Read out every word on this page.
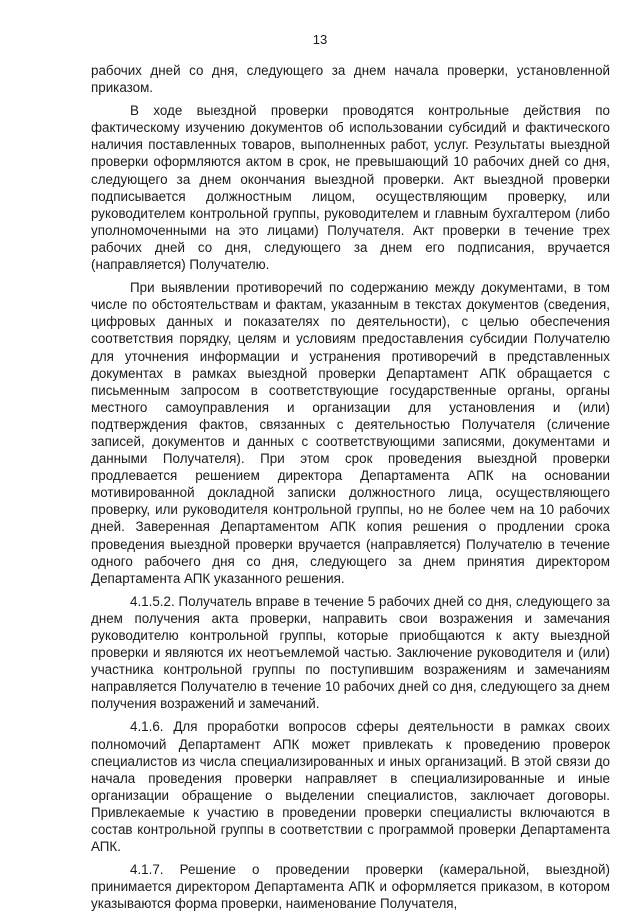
13

рабочих дней со дня, следующего за днем начала проверки, установленной приказом.

В ходе выездной проверки проводятся контрольные действия по фактическому изучению документов об использовании субсидий и фактического наличия поставленных товаров, выполненных работ, услуг. Результаты выездной проверки оформляются актом в срок, не превышающий 10 рабочих дней со дня, следующего за днем окончания выездной проверки. Акт выездной проверки подписывается должностным лицом, осуществляющим проверку, или руководителем контрольной группы, руководителем и главным бухгалтером (либо уполномоченными на это лицами) Получателя. Акт проверки в течение трех рабочих дней со дня, следующего за днем его подписания, вручается (направляется) Получателю.

При выявлении противоречий по содержанию между документами, в том числе по обстоятельствам и фактам, указанным в текстах документов (сведения, цифровых данных и показателях по деятельности), с целью обеспечения соответствия порядку, целям и условиям предоставления субсидии Получателю для уточнения информации и устранения противоречий в представленных документах в рамках выездной проверки Департамент АПК обращается с письменным запросом в соответствующие государственные органы, органы местного самоуправления и организации для установления и (или) подтверждения фактов, связанных с деятельностью Получателя (сличение записей, документов и данных с соответствующими записями, документами и данными Получателя). При этом срок проведения выездной проверки продлевается решением директора Департамента АПК на основании мотивированной докладной записки должностного лица, осуществляющего проверку, или руководителя контрольной группы, но не более чем на 10 рабочих дней. Заверенная Департаментом АПК копия решения о продлении срока проведения выездной проверки вручается (направляется) Получателю в течение одного рабочего дня со дня, следующего за днем принятия директором Департамента АПК указанного решения.

4.1.5.2. Получатель вправе в течение 5 рабочих дней со дня, следующего за днем получения акта проверки, направить свои возражения и замечания руководителю контрольной группы, которые приобщаются к акту выездной проверки и являются их неотъемлемой частью. Заключение руководителя и (или) участника контрольной группы по поступившим возражениям и замечаниям направляется Получателю в течение 10 рабочих дней со дня, следующего за днем получения возражений и замечаний.

4.1.6. Для проработки вопросов сферы деятельности в рамках своих полномочий Департамент АПК может привлекать к проведению проверок специалистов из числа специализированных и иных организаций. В этой связи до начала проведения проверки направляет в специализированные и иные организации обращение о выделении специалистов, заключает договоры. Привлекаемые к участию в проведении проверки специалисты включаются в состав контрольной группы в соответствии с программой проверки Департамента АПК.

4.1.7. Решение о проведении проверки (камеральной, выездной) принимается директором Департамента АПК и оформляется приказом, в котором указываются форма проверки, наименование Получателя,
